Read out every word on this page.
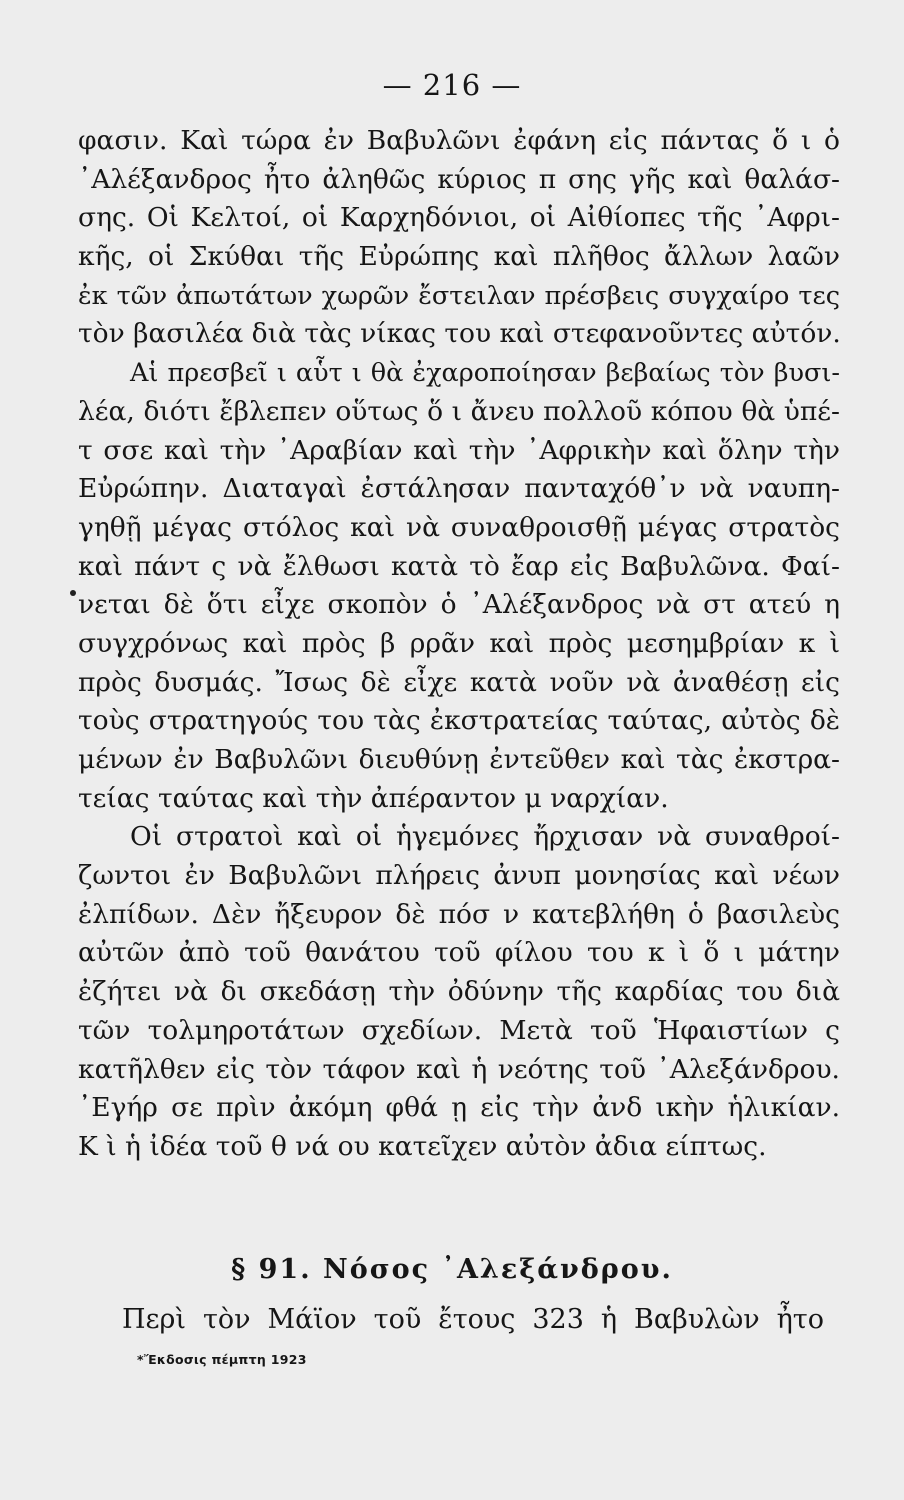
— 216 —
φασιν. Καὶ τώρα ἐν Βαβυλῶνι ἐφάνη εἰς πάντας ὅ ι ὁ
᾿Αλέξανδρος ἦτο ἀληθῶς κύριος π σης γῆς καὶ θαλάσ-
σης. Οἱ Κελτοί, οἱ Καρχηδόνιοι, οἱ Αἰθίοπες τῆς ᾿Αφρι-
κῆς, οἱ Σκύθαι τῆς Εὐρώπης καὶ πλῆθος ἄλλων λαῶν
ἐκ τῶν ἀπωτάτων χωρῶν ἔστειλαν πρέσβεις συγχαίρο τες
τὸν βασιλέα διὰ τὰς νίκας του καὶ στεφανοῦντες αὐτόν.
Αἱ πρεσβεῖ ι αὗτ ι θὰ ἐχαροποίησαν βεβαίως τὸν βυσι-
λέα, διότι ἔβλεπεν οὕτως ὅ ι ἄνευ πολλοῦ κόπου θὰ ὑπέ-
τ σσε καὶ τὴν ᾿Αραβίαν καὶ τὴν ᾿Αφρικὴν καὶ ὅλην τὴν
Εὐρώπην. Διαταγαὶ ἐστάλησαν πανταχόθ᾿ν νὰ ναυπη-
γηθῇ μέγας στόλος καὶ νὰ συναθροισθῇ μέγας στρατὸς
καὶ πάντ ς νὰ ἔλθωσι κατὰ τὸ ἔαρ εἰς Βαβυλῶνα. Φαί-
νεται δὲ ὅτι εἶχε σκοπὸν ὁ ᾿Αλέξανδρος νὰ στ ατεύ η
συγχρόνως καὶ πρὸς β ρρᾶν καὶ πρὸς μεσημβρίαν κ ὶ
πρὸς δυσμάς. Ἴσως δὲ εἶχε κατὰ νοῦν νὰ ἀναθέσῃ εἰς
τοὺς στρατηγούς του τὰς ἐκστρατείας ταύτας, αὐτὸς δὲ
μένων ἐν Βαβυλῶνι διευθύνῃ ἐντεῦθεν καὶ τὰς ἐκστρα-
τείας ταύτας καὶ τὴν ἀπέραντον μ ναρχίαν.
Οἱ στρατοὶ καὶ οἱ ἡγεμόνες ἤρχισαν νὰ συναθροί-
ζωντοι ἐν Βαβυλῶνι πλήρεις ἀνυπ μονησίας καὶ νέων
ἐλπίδων. Δὲν ἤξευρον δὲ πόσ ν κατεβλήθη ὁ βασιλεὺς
αὐτῶν ἀπὸ τοῦ θανάτου τοῦ φίλου του κ ὶ ὅ ι μάτην
ἐζήτει νὰ δι σκεδάσῃ τὴν ὀδύνην τῆς καρδίας του διὰ
τῶν τολμηροτάτων σχεδίων. Μετὰ τοῦ Ἡφαιστίων ς
κατῆλθεν εἰς τὸν τάφον καὶ ἡ νεότης τοῦ ᾿Αλεξάνδρου.
᾿Εγήρ σε πρὶν ἀκόμη φθά ῃ εἰς τὴν ἀνδ ικὴν ἡλικίαν.
Κ ὶ ἡ ἰδέα τοῦ θ νά ου κατεῖχεν αὐτὸν ἀδια είπτως.
§ 91. Νόσος ᾿Αλεξάνδρου.
Περὶ τὸν Μάϊον τοῦ ἔτους 323 ἡ Βαβυλὼν ἦτο
*Ἔκδοσις πέμπτη 1923
